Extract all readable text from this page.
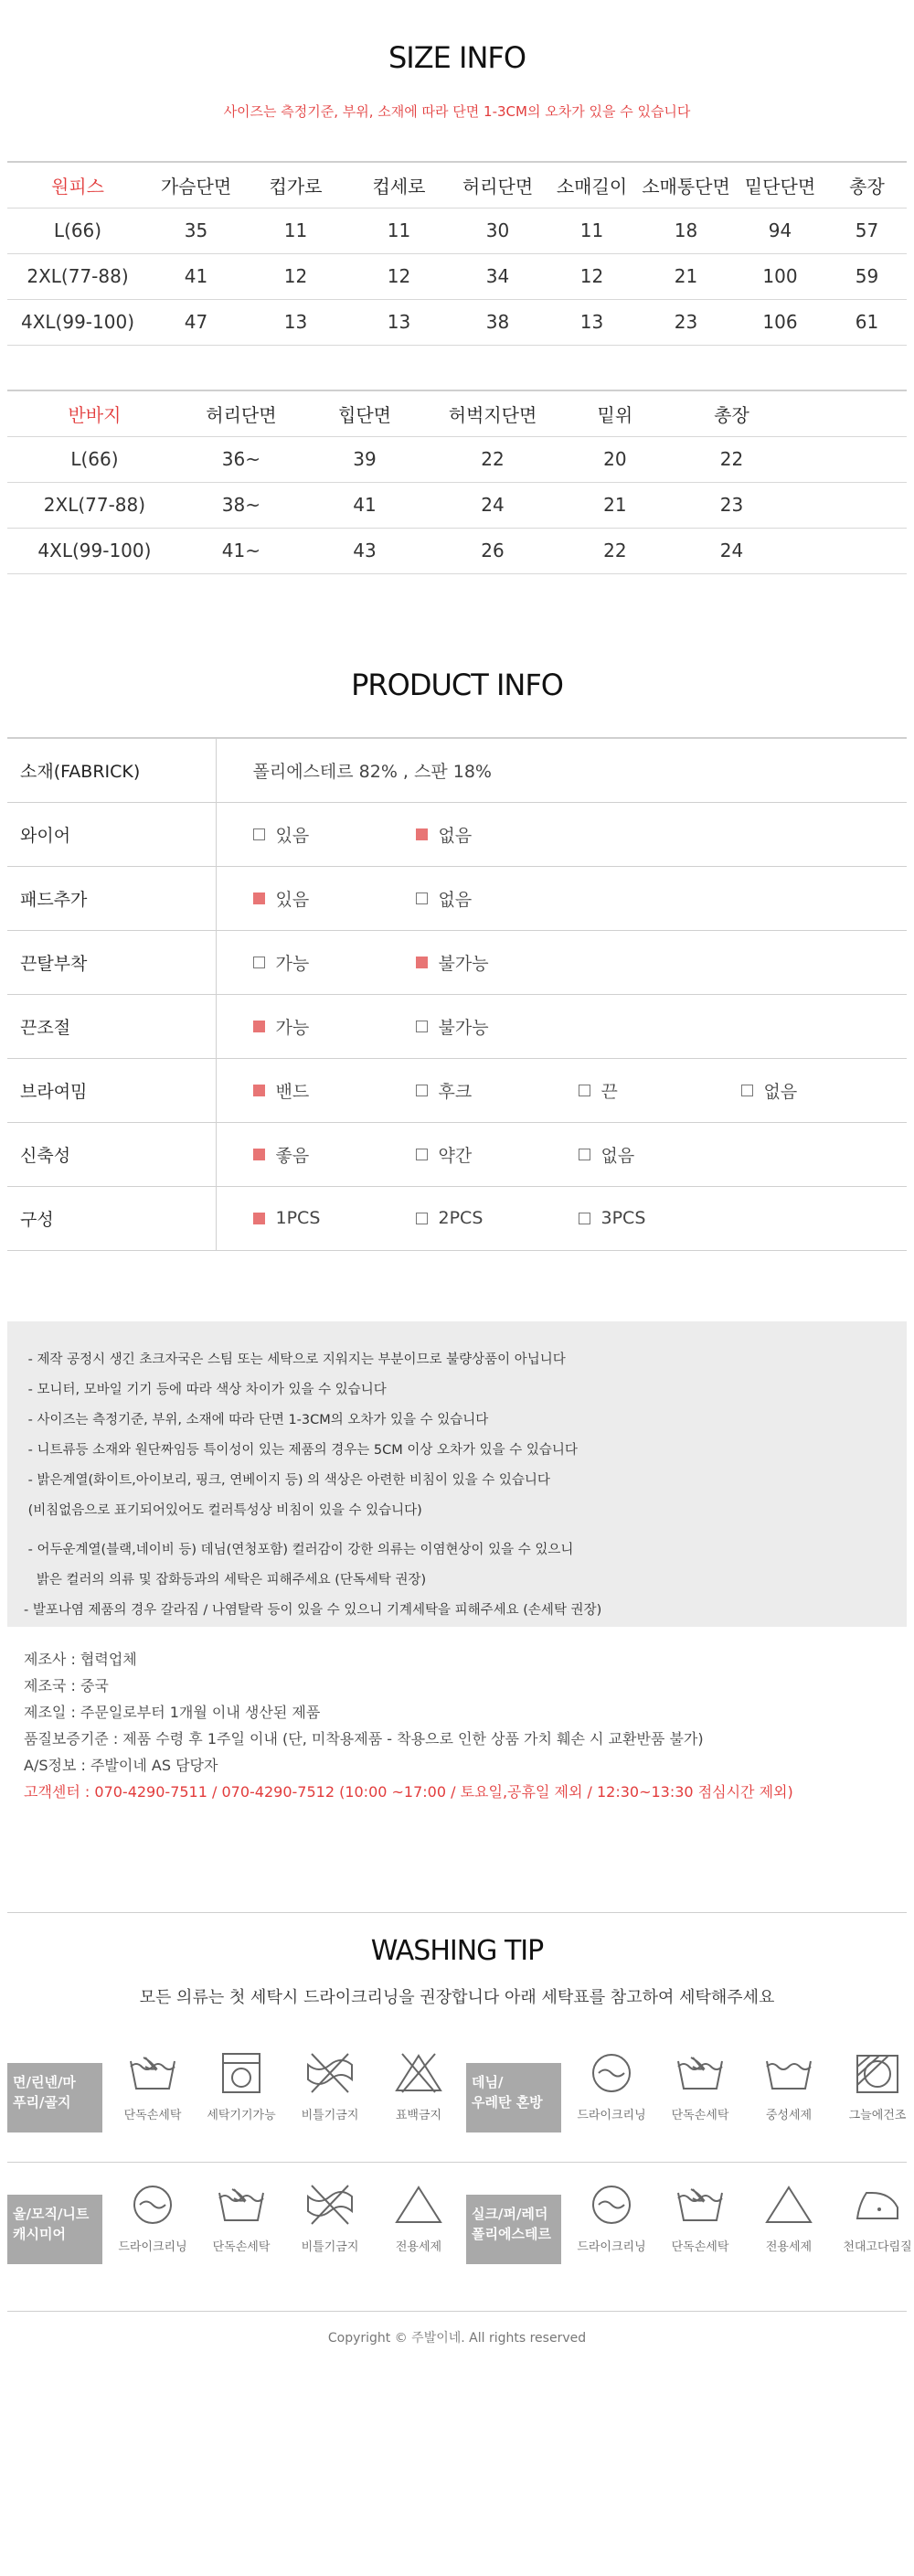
SIZE INFO
사이즈는 측정기준, 부위, 소재에 따라 단면 1-3CM의 오차가 있을 수 있습니다
원피스	가슴단면	컵가로	컵세로	허리단면	소매길이	소매통단면	밑단단면	총장
L(66)	35	11	11	30	11	18	94	57
2XL(77-88)	41	12	12	34	12	21	100	59
4XL(99-100)	47	13	13	38	13	23	106	61
반바지	허리단면	힙단면	허벅지단면	밑위	총장	
L(66)	36~	39	22	20	22	
2XL(77-88)	38~	41	24	21	23	
4XL(99-100)	41~	43	26	22	24	
PRODUCT INFO
소재(FABRICK)	폴리에스테르 82% , 스판 18%
와이어	있음 없음

패드추가	있음 없음

끈탈부착	가능 불가능

끈조절	가능 불가능

브라여밈	밴드 후크 끈 없음

신축성	좋음 약간 없음

구성	1PCS 2PCS 3PCS

- 제작 공정시 생긴 초크자국은 스팀 또는 세탁으로 지워지는 부분이므로 불량상품이 아닙니다

- 모니터, 모바일 기기 등에 따라 색상 차이가 있을 수 있습니다

- 사이즈는 측정기준, 부위, 소재에 따라 단면 1-3CM의 오차가 있을 수 있습니다

- 니트류등 소재와 원단짜임등 특이성이 있는 제품의 경우는 5CM 이상 오차가 있을 수 있습니다

- 밝은계열(화이트,아이보리, 핑크, 연베이지 등) 의 색상은 아련한 비침이 있을 수 있습니다

(비침없음으로 표기되어있어도 컬러특성상 비침이 있을 수 있습니다)

- 어두운계열(블랙,네이비 등) 데님(연청포함) 컬러감이 강한 의류는 이염현상이 있을 수 있으니

밝은 컬러의 의류 및 잡화등과의 세탁은 피해주세요 (단독세탁 권장)

- 발포나염 제품의 경우 갈라짐 / 나염탈락 등이 있을 수 있으니 기계세탁을 피해주세요 (손세탁 권장)

제조사 : 협력업체

제조국 : 중국

제조일 : 주문일로부터 1개월 이내 생산된 제품

품질보증기준 : 제품 수령 후 1주일 이내 (단, 미착용제품 - 착용으로 인한 상품 가치 훼손 시 교환반품 불가)

A/S정보 : 주발이네 AS 담당자

고객센터 : 070-4290-7511 / 070-4290-7512 (10:00 ~17:00 / 토요일,공휴일 제외 / 12:30~13:30 점심시간 제외)

WASHING TIP
모든 의류는 첫 세탁시 드라이크리닝을 권장합니다 아래 세탁표를 참고하여 세탁해주세요
면/린넨/마
푸리/골지
단독손세탁	세탁기기가능	비틀기금지	표백금지
데님/
우레탄 혼방
드라이크리닝	단독손세탁	중성세제	그늘에건조
울/모직/니트
캐시미어
드라이크리닝	단독손세탁	비틀기금지	전용세제
실크/퍼/레더
폴리에스테르
드라이크리닝	단독손세탁	전용세제	천대고다림질
Copyright © 주발이네. All rights reserved
